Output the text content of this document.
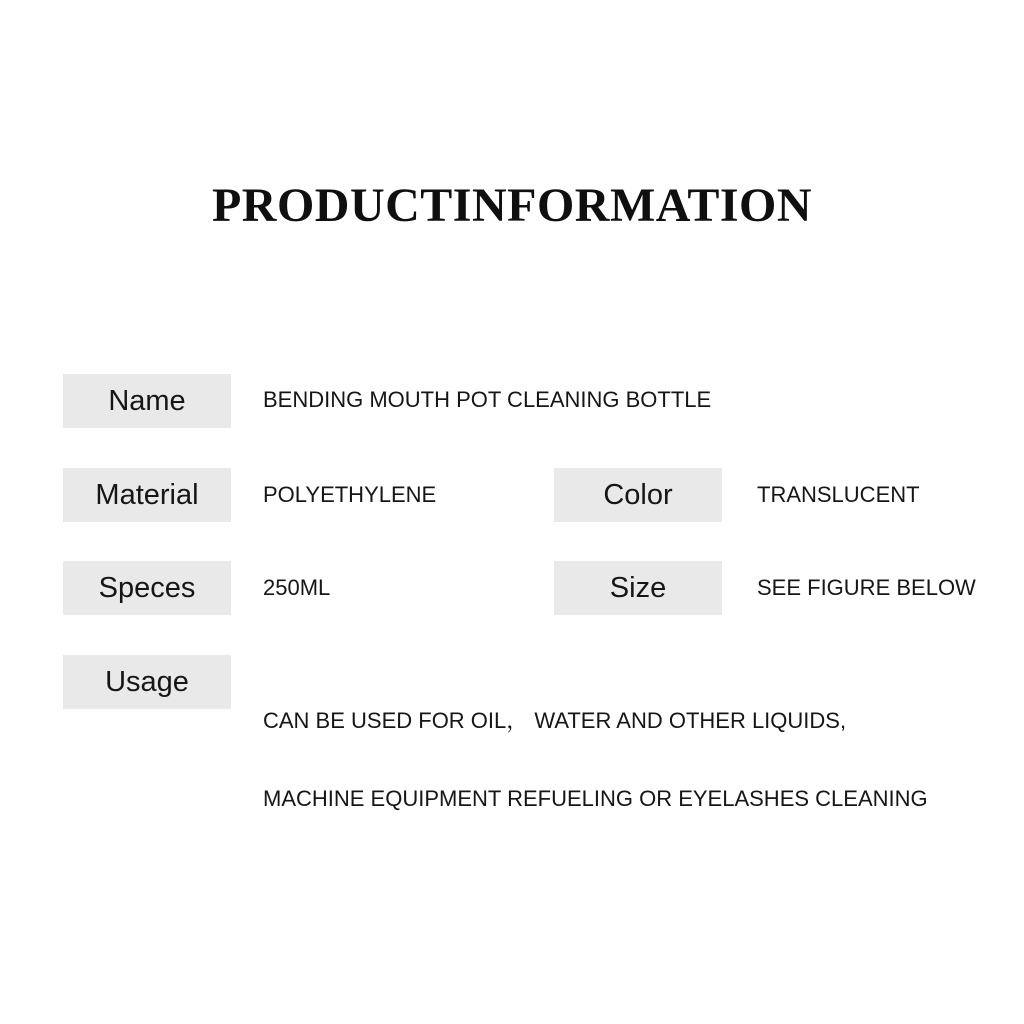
PRODUCTINFORMATION
Name	BENDING MOUTH POT CLEANING BOTTLE
Material	POLYETHYLENE	Color	TRANSLUCENT
Speces	250ML	Size	SEE FIGURE BELOW
Usage

CAN BE USED FOR OIL， WATER AND OTHER LIQUIDS,

MACHINE EQUIPMENT REFUELING OR EYELASHES CLEANING
